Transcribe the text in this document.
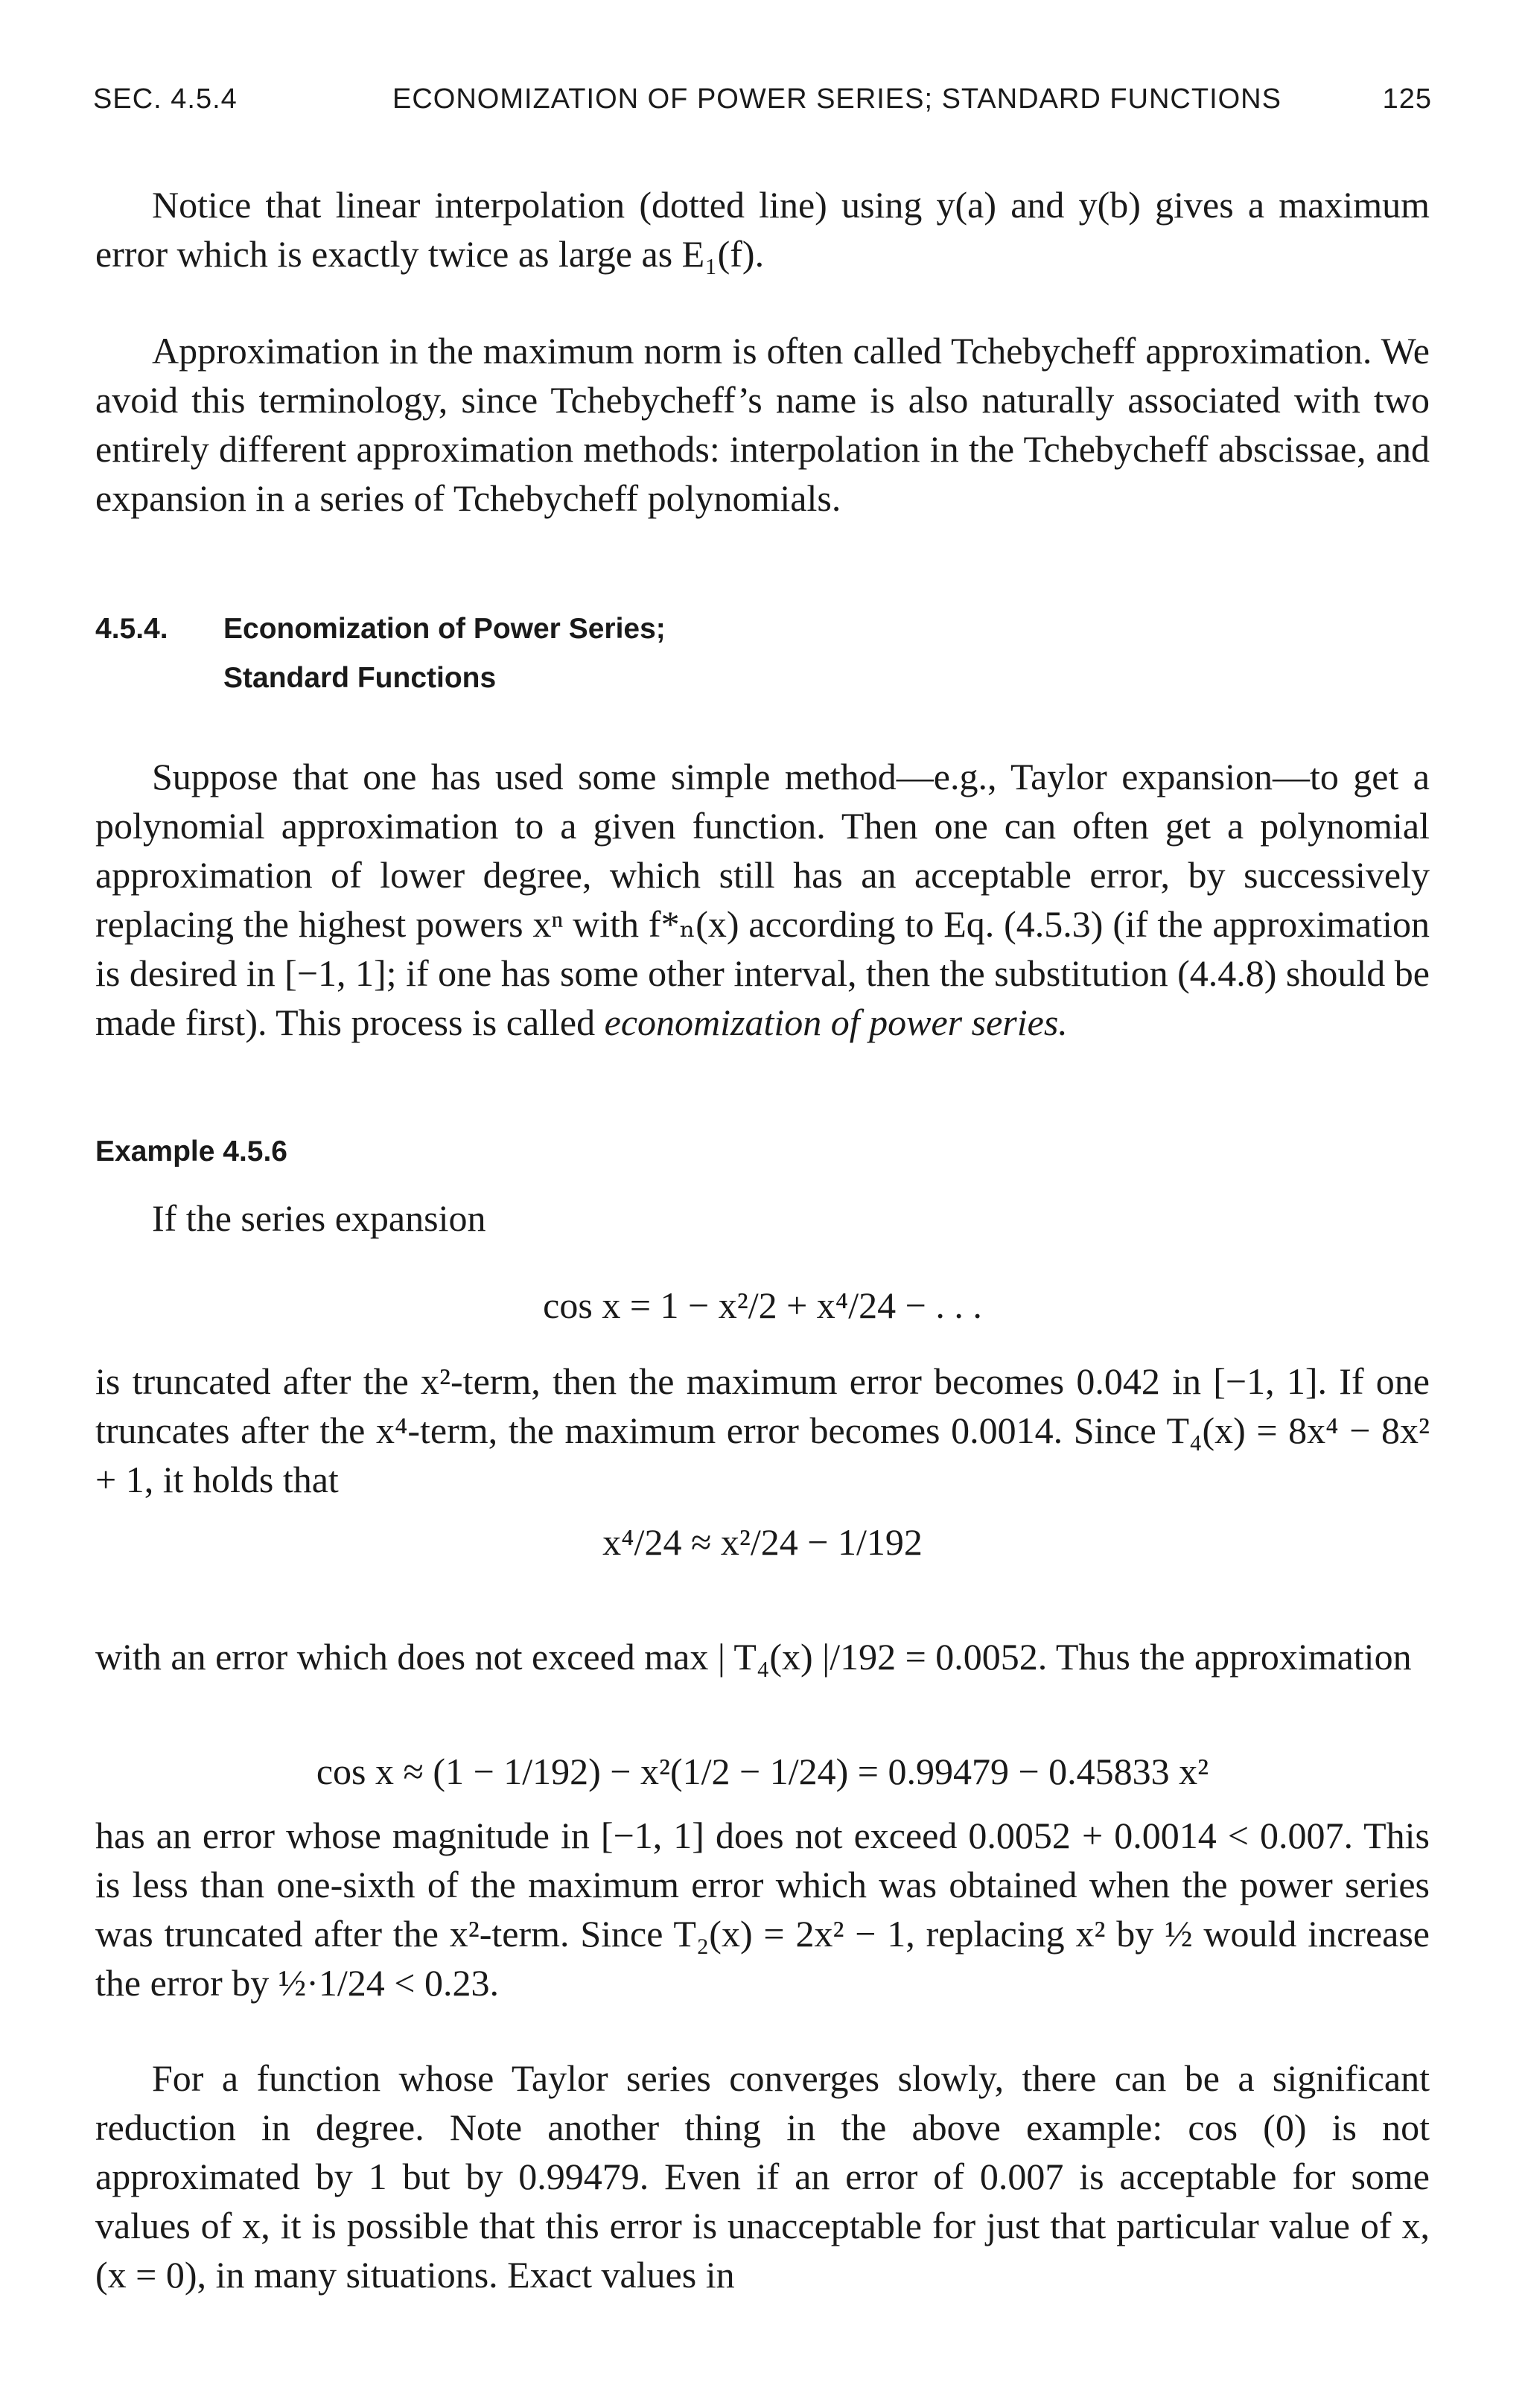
SEC. 4.5.4	ECONOMIZATION OF POWER SERIES; STANDARD FUNCTIONS	125
Notice that linear interpolation (dotted line) using y(a) and y(b) gives a maximum error which is exactly twice as large as E₁(f).
Approximation in the maximum norm is often called Tchebycheff approximation. We avoid this terminology, since Tchebycheff’s name is also naturally associated with two entirely different approximation methods: interpolation in the Tchebycheff abscissae, and expansion in a series of Tchebycheff polynomials.
4.5.4. Economization of Power Series;
Standard Functions
Suppose that one has used some simple method—e.g., Taylor expansion—to get a polynomial approximation to a given function. Then one can often get a polynomial approximation of lower degree, which still has an acceptable error, by successively replacing the highest powers xⁿ with f*ₙ(x) according to Eq. (4.5.3) (if the approximation is desired in [−1, 1]; if one has some other interval, then the substitution (4.4.8) should be made first). This process is called economization of power series.
Example 4.5.6
If the series expansion
cos x = 1 − x²/2 + x⁴/24 − . . .
is truncated after the x²-term, then the maximum error becomes 0.042 in [−1, 1]. If one truncates after the x⁴-term, the maximum error becomes 0.0014. Since T₄(x) = 8x⁴ − 8x² + 1, it holds that
x⁴/24 ≈ x²/24 − 1/192
with an error which does not exceed max | T₄(x) |/192 = 0.0052. Thus the approximation
cos x ≈ (1 − 1/192) − x²(1/2 − 1/24) = 0.99479 − 0.45833 x²
has an error whose magnitude in [−1, 1] does not exceed 0.0052 + 0.0014 < 0.007. This is less than one-sixth of the maximum error which was obtained when the power series was truncated after the x²-term. Since T₂(x) = 2x² − 1, replacing x² by ½ would increase the error by ½·1/24 < 0.23.
For a function whose Taylor series converges slowly, there can be a significant reduction in degree. Note another thing in the above example: cos (0) is not approximated by 1 but by 0.99479. Even if an error of 0.007 is acceptable for some values of x, it is possible that this error is unacceptable for just that particular value of x, (x = 0), in many situations. Exact values in
